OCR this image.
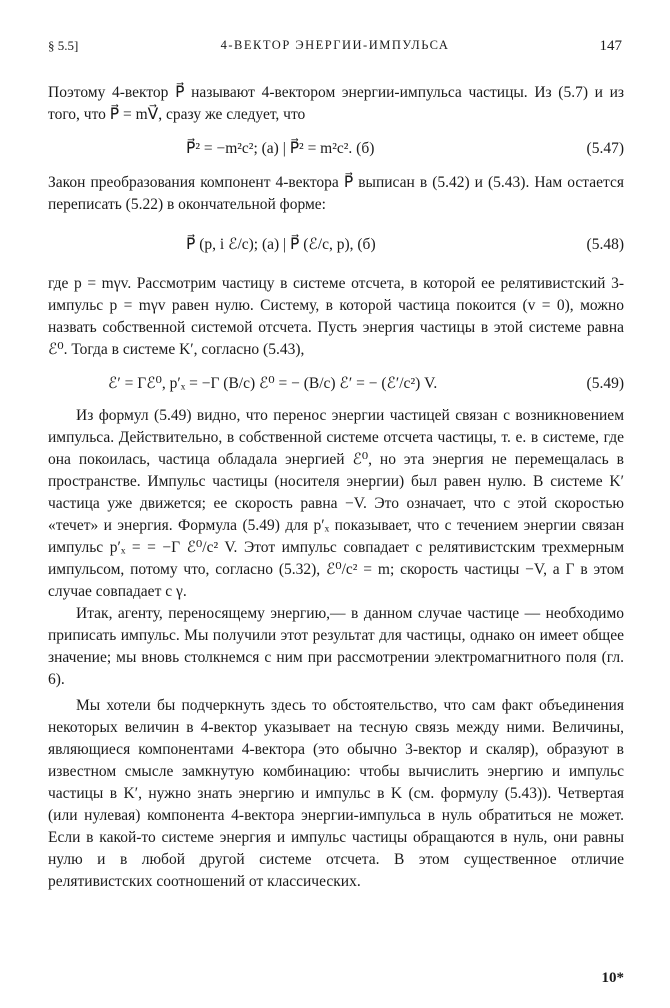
§ 5.5]	4-ВЕКТОР ЭНЕРГИИ-ИМПУЛЬСА	147

Поэтому 4-вектор P⃗ называют 4-вектором энергии-импульса частицы. Из (5.7) и из того, что P⃗ = mV⃗, сразу же следует, что

P⃗² = −m²c²; (а) | P⃗² = m²c². (б)	(5.47)

Закон преобразования компонент 4-вектора P⃗ выписан в (5.42) и (5.43). Нам остается переписать (5.22) в окончательной форме:

P⃗ (p, i ℰ/c); (а) | P⃗ (ℰ/c, p), (б)	(5.48)

где p = mγv. Рассмотрим частицу в системе отсчета, в которой ее релятивистский 3-импульс p = mγv равен нулю. Систему, в которой частица покоится (v = 0), можно назвать собственной системой отсчета. Пусть энергия частицы в этой системе равна ℰ⁰. Тогда в системе K′, согласно (5.43),

ℰ′ = Γℰ⁰, p′ₓ = −Γ (B/c) ℰ⁰ = − (B/c) ℰ′ = − (ℰ′/c²) V.	(5.49)

Из формул (5.49) видно, что перенос энергии частицей связан с возникновением импульса. Действительно, в собственной системе отсчета частицы, т. е. в системе, где она покоилась, частица обладала энергией ℰ⁰, но эта энергия не перемещалась в пространстве. Импульс частицы (носителя энергии) был равен нулю. В системе K′ частица уже движется; ее скорость равна −V. Это означает, что с этой скоростью «течет» и энергия. Формула (5.49) для p′ₓ показывает, что с течением энергии связан импульс p′ₓ = = −Γ ℰ⁰/c² V. Этот импульс совпадает с релятивистским трехмерным импульсом, потому что, согласно (5.32), ℰ⁰/c² = m; скорость частицы −V, а Γ в этом случае совпадает с γ.

Итак, агенту, переносящему энергию,— в данном случае частице — необходимо приписать импульс. Мы получили этот результат для частицы, однако он имеет общее значение; мы вновь столкнемся с ним при рассмотрении электромагнитного поля (гл. 6).

Мы хотели бы подчеркнуть здесь то обстоятельство, что сам факт объединения некоторых величин в 4-вектор указывает на тесную связь между ними. Величины, являющиеся компонентами 4-вектора (это обычно 3-вектор и скаляр), образуют в известном смысле замкнутую комбинацию: чтобы вычислить энергию и импульс частицы в K′, нужно знать энергию и импульс в K (см. формулу (5.43)). Четвертая (или нулевая) компонента 4-вектора энергии-импульса в нуль обратиться не может. Если в какой-то системе энергия и импульс частицы обращаются в нуль, они равны нулю и в любой другой системе отсчета. В этом существенное отличие релятивистских соотношений от классических.

10*
